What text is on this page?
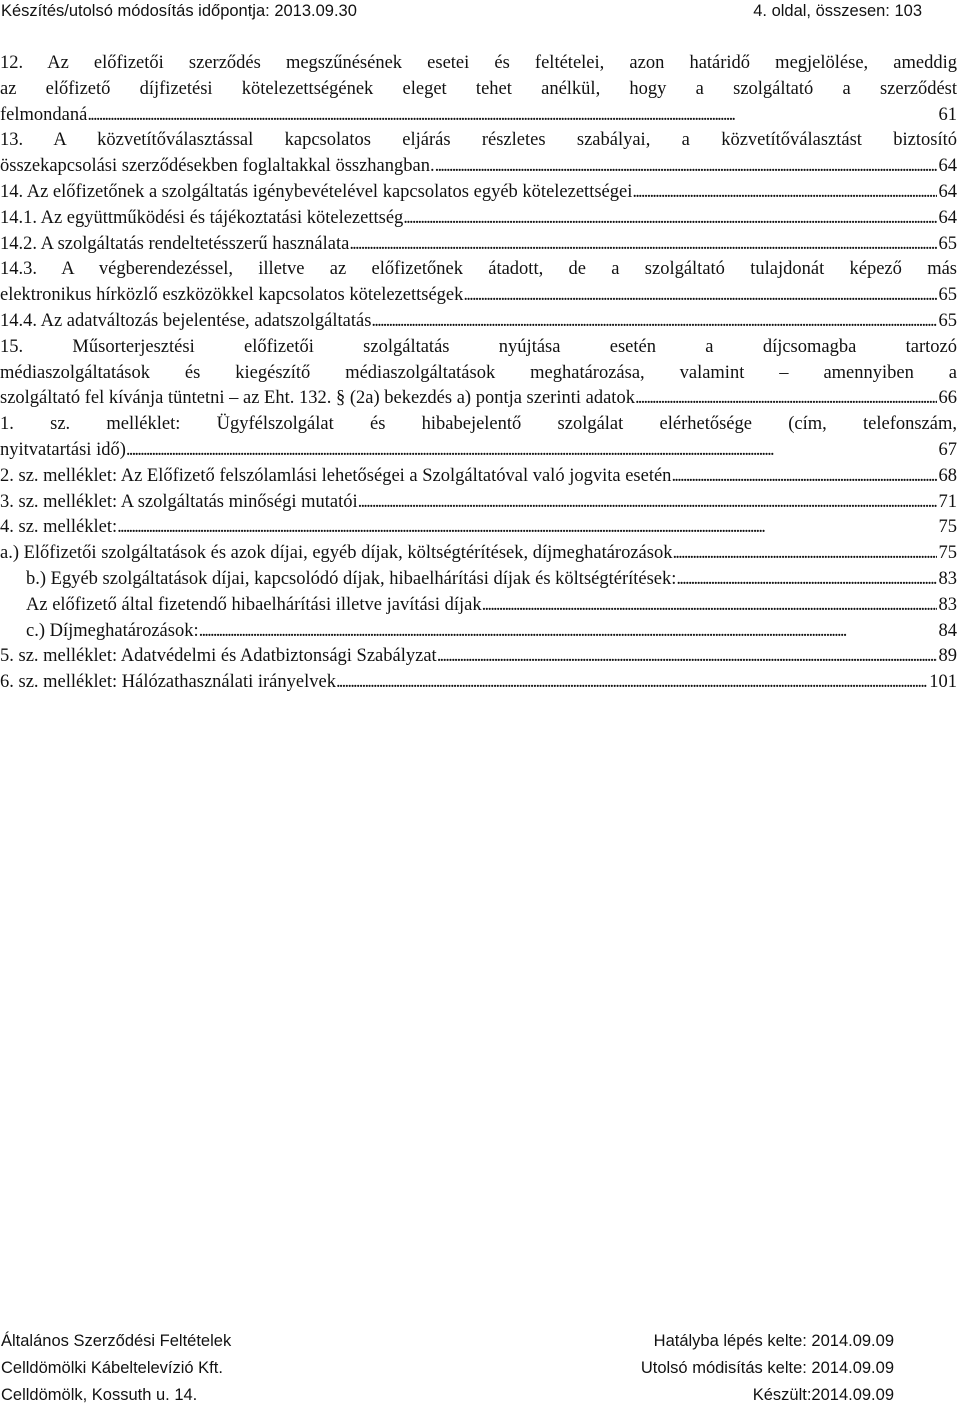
Készítés/utolsó módosítás időpontja: 2013.09.30	4. oldal, összesen: 103
12. Az előfizetői szerződés megszűnésének esetei és feltételei, azon határidő megjelölése, ameddig
az előfizető díjfizetési kötelezettségének eleget tehet anélkül, hogy a szolgáltató a szerződést
felmondaná . . .	61
13. A közvetítőválasztással kapcsolatos eljárás részletes szabályai, a közvetítőválasztást biztosító
összekapcsolási szerződésekben foglaltakkal összhangban. . . .	64
14. Az előfizetőnek a szolgáltatás igénybevételével kapcsolatos egyéb kötelezettségei . . .	64
14.1. Az együttműködési és tájékoztatási kötelezettség . . .	64
14.2. A szolgáltatás rendeltetésszerű használata . . .	65
14.3. A végberendezéssel, illetve az előfizetőnek átadott, de a szolgáltató tulajdonát képező más
elektronikus hírközlő eszközökkel kapcsolatos kötelezettségek . . .	65
14.4. Az adatváltozás bejelentése, adatszolgáltatás . . .	65
15. Műsorterjesztési előfizetői szolgáltatás nyújtása esetén a díjcsomagba tartozó
médiaszolgáltatások és kiegészítő médiaszolgáltatások meghatározása, valamint – amennyiben a
szolgáltató fel kívánja tüntetni – az Eht. 132. § (2a) bekezdés a) pontja szerinti adatok . . .	66
1. sz. melléklet: Ügyfélszolgálat és hibabejelentő szolgálat elérhetősége (cím, telefonszám,
nyitvatartási idő) . . .	67
2. sz. melléklet: Az Előfizető felszólamlási lehetőségei a Szolgáltatóval való jogvita esetén . . .	68
3. sz. melléklet: A szolgáltatás minőségi mutatói . . .	71
4. sz. melléklet: . . .	75
a.) Előfizetői szolgáltatások és azok díjai, egyéb díjak, költségtérítések, díjmeghatározások . . .	75
b.) Egyéb szolgáltatások díjai, kapcsolódó díjak, hibaelhárítási díjak és költségtérítések: . . .	83
Az előfizető által fizetendő hibaelhárítási illetve javítási díjak . . .	83
c.) Díjmeghatározások: . . .	84
5. sz. melléklet: Adatvédelmi és Adatbiztonsági Szabályzat . . .	89
6. sz. melléklet: Hálózathasználati irányelvek . . .	101
Általános Szerződési Feltételek	Hatályba lépés kelte: 2014.09.09
Celldömölki Kábeltelevízió Kft.	Utolsó módisítás kelte: 2014.09.09
Celldömölk, Kossuth u. 14.	Készült:2014.09.09
